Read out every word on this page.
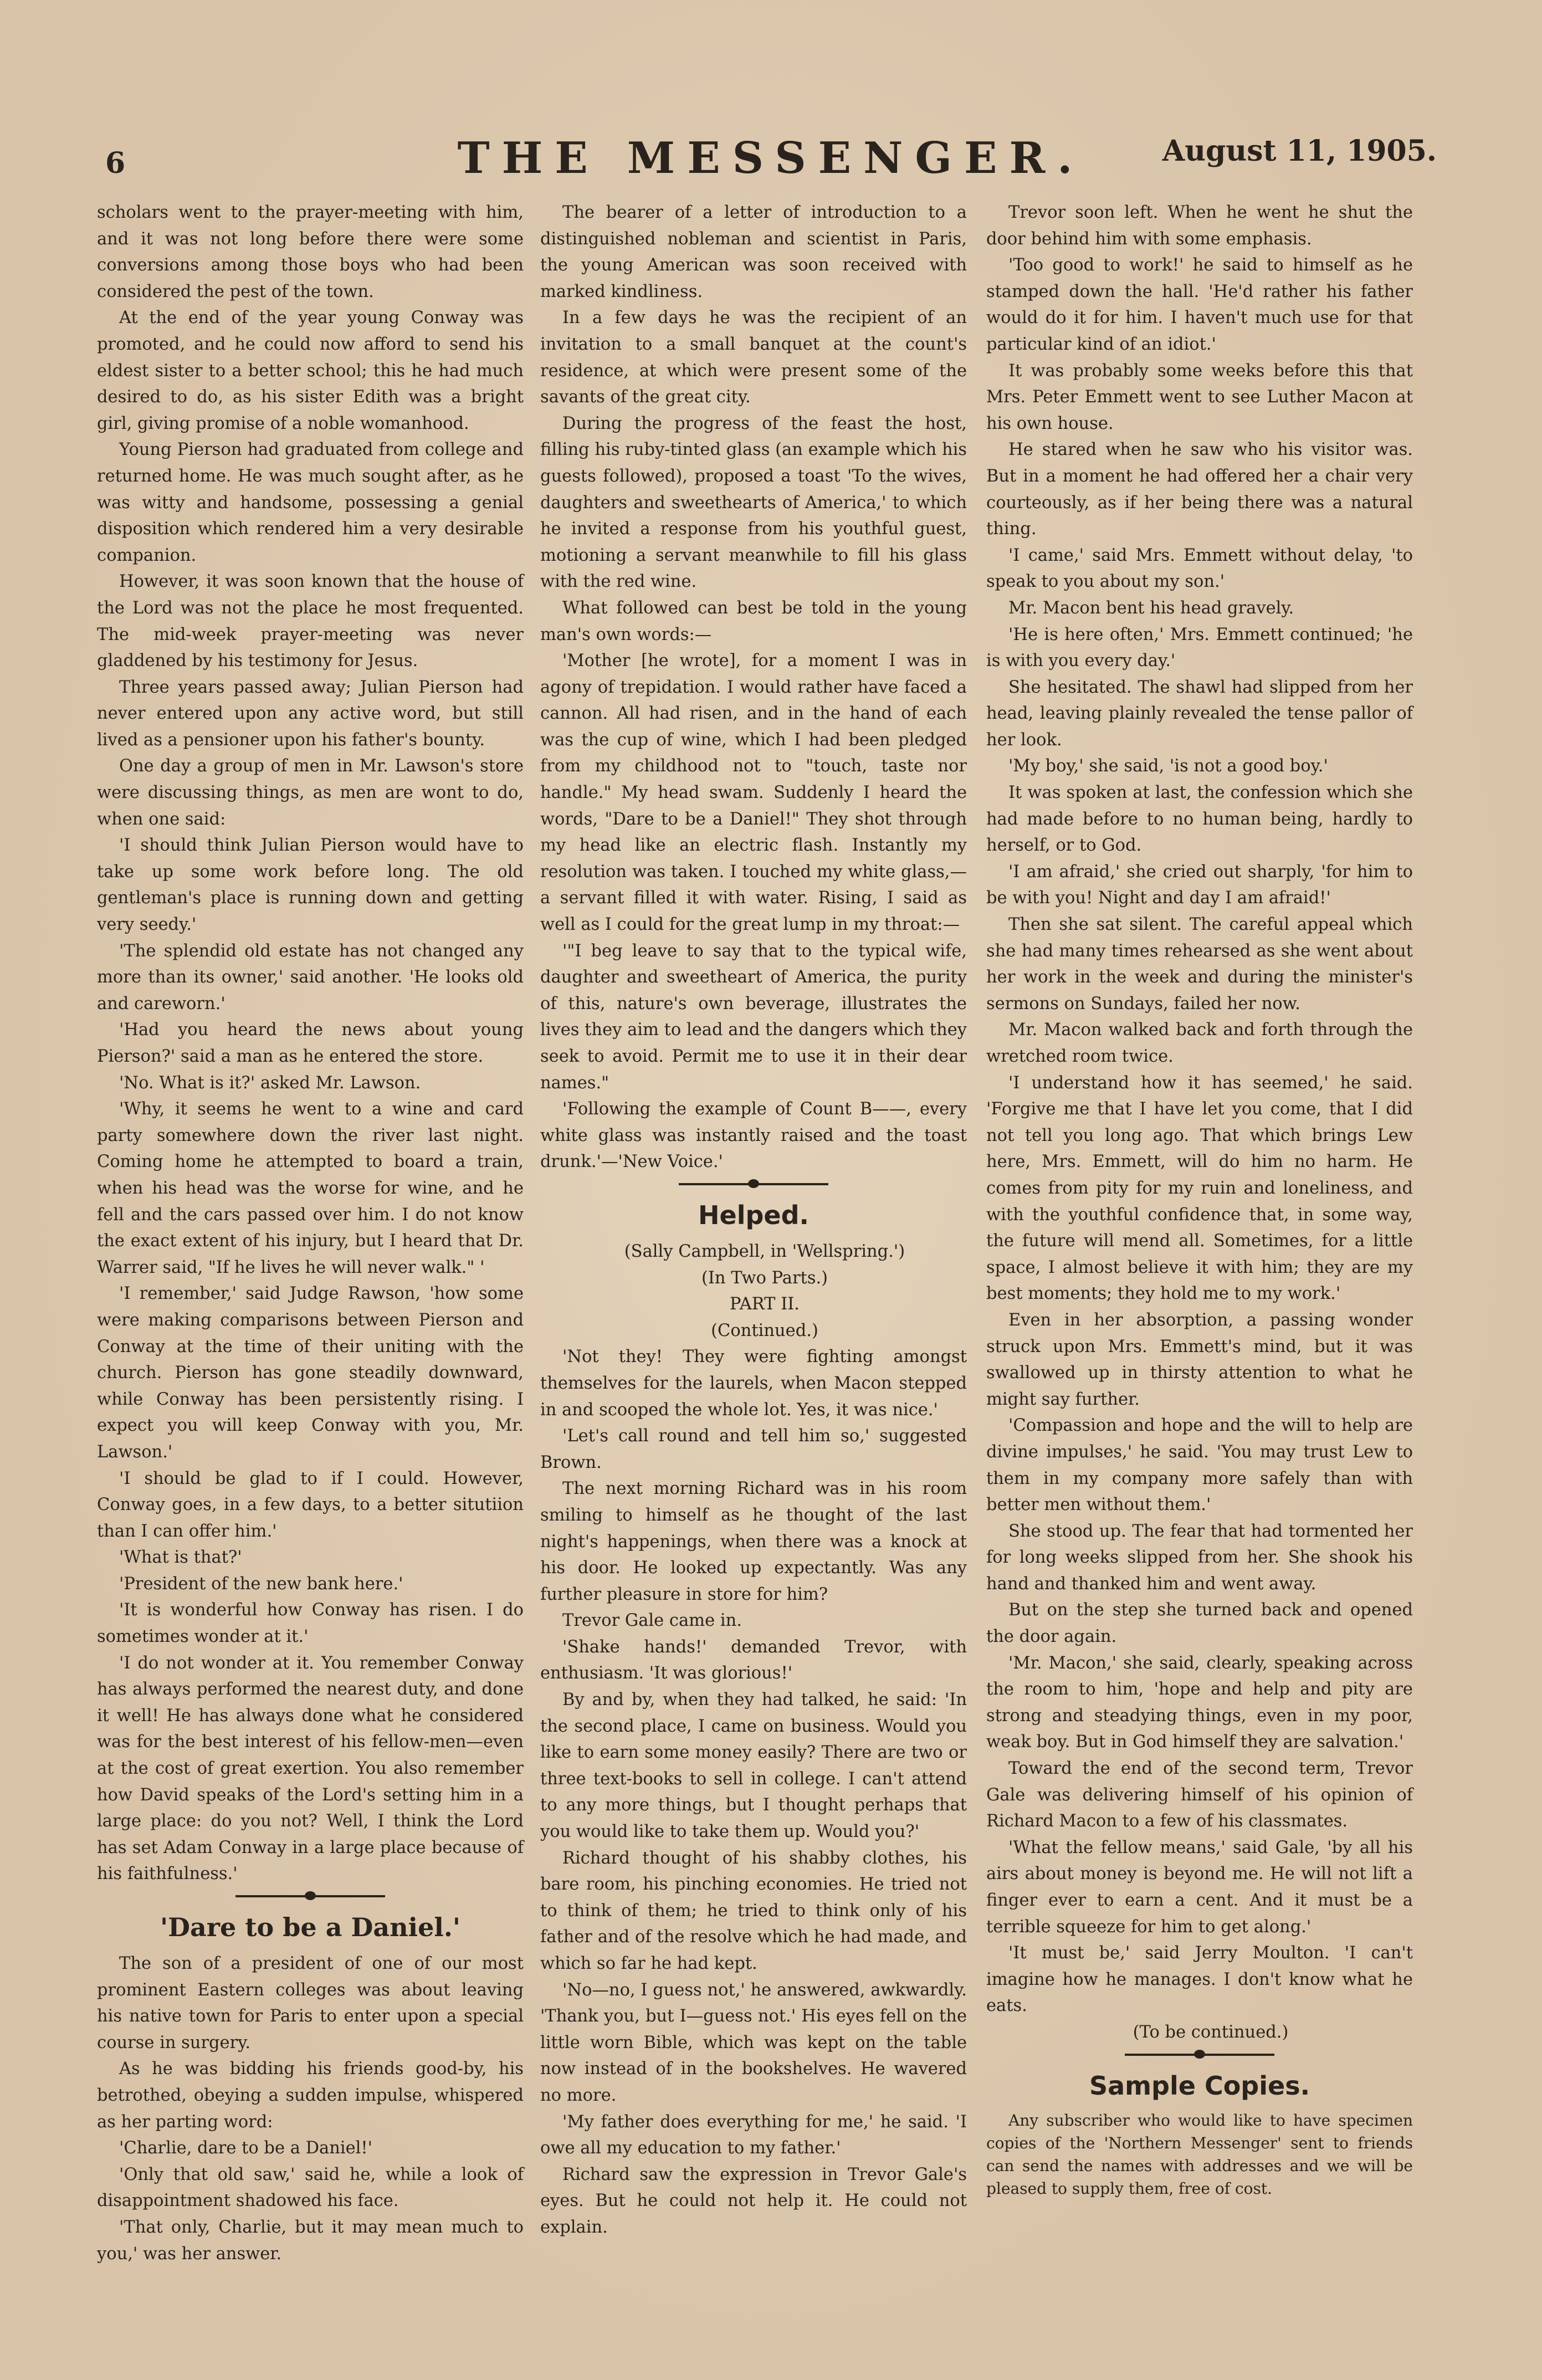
6	THE MESSENGER.	August 11, 1905.

scholars went to the prayer-meeting with him, and it was not long before there were some conversions among those boys who had been considered the pest of the town.

At the end of the year young Conway was promoted, and he could now afford to send his eldest sister to a better school; this he had much desired to do, as his sister Edith was a bright girl, giving promise of a noble womanhood.

Young Pierson had graduated from college and returned home. He was much sought after, as he was witty and handsome, possessing a genial disposition which rendered him a very desirable companion.

However, it was soon known that the house of the Lord was not the place he most frequented. The mid-week prayer-meeting was never gladdened by his testimony for Jesus.

Three years passed away; Julian Pierson had never entered upon any active word, but still lived as a pensioner upon his father's bounty.

One day a group of men in Mr. Lawson's store were discussing things, as men are wont to do, when one said:

'I should think Julian Pierson would have to take up some work before long. The old gentleman's place is running down and getting very seedy.'

'The splendid old estate has not changed any more than its owner,' said another. 'He looks old and careworn.'

'Had you heard the news about young Pierson?' said a man as he entered the store.

'No. What is it?' asked Mr. Lawson.

'Why, it seems he went to a wine and card party somewhere down the river last night. Coming home he attempted to board a train, when his head was the worse for wine, and he fell and the cars passed over him. I do not know the exact extent of his injury, but I heard that Dr. Warrer said, "If he lives he will never walk." '

'I remember,' said Judge Rawson, 'how some were making comparisons between Pierson and Conway at the time of their uniting with the church. Pierson has gone steadily downward, while Conway has been persistently rising. I expect you will keep Conway with you, Mr. Lawson.'

'I should be glad to if I could. However, Conway goes, in a few days, to a better situtiion than I can offer him.'

'What is that?'

'President of the new bank here.'

'It is wonderful how Conway has risen. I do sometimes wonder at it.'

'I do not wonder at it. You remember Conway has always performed the nearest duty, and done it well! He has always done what he considered was for the best interest of his fellow-men—even at the cost of great exertion. You also remember how David speaks of the Lord's setting him in a large place: do you not? Well, I think the Lord has set Adam Conway in a large place because of his faithfulness.'

'Dare to be a Daniel.'

The son of a president of one of our most prominent Eastern colleges was about leaving his native town for Paris to enter upon a special course in surgery.

As he was bidding his friends good-by, his betrothed, obeying a sudden impulse, whispered as her parting word:

'Charlie, dare to be a Daniel!'

'Only that old saw,' said he, while a look of disappointment shadowed his face.

'That only, Charlie, but it may mean much to you,' was her answer.

The bearer of a letter of introduction to a distinguished nobleman and scientist in Paris, the young American was soon received with marked kindliness.

In a few days he was the recipient of an invitation to a small banquet at the count's residence, at which were present some of the savants of the great city.

During the progress of the feast the host, filling his ruby-tinted glass (an example which his guests followed), proposed a toast 'To the wives, daughters and sweethearts of America,' to which he invited a response from his youthful guest, motioning a servant meanwhile to fill his glass with the red wine.

What followed can best be told in the young man's own words:—

'Mother [he wrote], for a moment I was in agony of trepidation. I would rather have faced a cannon. All had risen, and in the hand of each was the cup of wine, which I had been pledged from my childhood not to "touch, taste nor handle." My head swam. Suddenly I heard the words, "Dare to be a Daniel!" They shot through my head like an electric flash. Instantly my resolution was taken. I touched my white glass,— a servant filled it with water. Rising, I said as well as I could for the great lump in my throat:—

'"I beg leave to say that to the typical wife, daughter and sweetheart of America, the purity of this, nature's own beverage, illustrates the lives they aim to lead and the dangers which they seek to avoid. Permit me to use it in their dear names."

'Following the example of Count B——, every white glass was instantly raised and the toast drunk.'—'New Voice.'

Helped.

(Sally Campbell, in 'Wellspring.')

(In Two Parts.)

PART II.

(Continued.)

'Not they! They were fighting amongst themselves for the laurels, when Macon stepped in and scooped the whole lot. Yes, it was nice.'

'Let's call round and tell him so,' suggested Brown.

The next morning Richard was in his room smiling to himself as he thought of the last night's happenings, when there was a knock at his door. He looked up expectantly. Was any further pleasure in store for him?

Trevor Gale came in.

'Shake hands!' demanded Trevor, with enthusiasm. 'It was glorious!'

By and by, when they had talked, he said: 'In the second place, I came on business. Would you like to earn some money easily? There are two or three text-books to sell in college. I can't attend to any more things, but I thought perhaps that you would like to take them up. Would you?'

Richard thought of his shabby clothes, his bare room, his pinching economies. He tried not to think of them; he tried to think only of his father and of the resolve which he had made, and which so far he had kept.

'No—no, I guess not,' he answered, awkwardly. 'Thank you, but I—guess not.' His eyes fell on the little worn Bible, which was kept on the table now instead of in the bookshelves. He wavered no more.

'My father does everything for me,' he said. 'I owe all my education to my father.'

Richard saw the expression in Trevor Gale's eyes. But he could not help it. He could not explain.

Trevor soon left. When he went he shut the door behind him with some emphasis.

'Too good to work!' he said to himself as he stamped down the hall. 'He'd rather his father would do it for him. I haven't much use for that particular kind of an idiot.'

It was probably some weeks before this that Mrs. Peter Emmett went to see Luther Macon at his own house.

He stared when he saw who his visitor was. But in a moment he had offered her a chair very courteously, as if her being there was a natural thing.

'I came,' said Mrs. Emmett without delay, 'to speak to you about my son.'

Mr. Macon bent his head gravely.

'He is here often,' Mrs. Emmett continued; 'he is with you every day.'

She hesitated. The shawl had slipped from her head, leaving plainly revealed the tense pallor of her look.

'My boy,' she said, 'is not a good boy.'

It was spoken at last, the confession which she had made before to no human being, hardly to herself, or to God.

'I am afraid,' she cried out sharply, 'for him to be with you! Night and day I am afraid!'

Then she sat silent. The careful appeal which she had many times rehearsed as she went about her work in the week and during the minister's sermons on Sundays, failed her now.

Mr. Macon walked back and forth through the wretched room twice.

'I understand how it has seemed,' he said. 'Forgive me that I have let you come, that I did not tell you long ago. That which brings Lew here, Mrs. Emmett, will do him no harm. He comes from pity for my ruin and loneliness, and with the youthful confidence that, in some way, the future will mend all. Sometimes, for a little space, I almost believe it with him; they are my best moments; they hold me to my work.'

Even in her absorption, a passing wonder struck upon Mrs. Emmett's mind, but it was swallowed up in thirsty attention to what he might say further.

'Compassion and hope and the will to help are divine impulses,' he said. 'You may trust Lew to them in my company more safely than with better men without them.'

She stood up. The fear that had tormented her for long weeks slipped from her. She shook his hand and thanked him and went away.

But on the step she turned back and opened the door again.

'Mr. Macon,' she said, clearly, speaking across the room to him, 'hope and help and pity are strong and steadying things, even in my poor, weak boy. But in God himself they are salvation.'

Toward the end of the second term, Trevor Gale was delivering himself of his opinion of Richard Macon to a few of his classmates.

'What the fellow means,' said Gale, 'by all his airs about money is beyond me. He will not lift a finger ever to earn a cent. And it must be a terrible squeeze for him to get along.'

'It must be,' said Jerry Moulton. 'I can't imagine how he manages. I don't know what he eats.

(To be continued.)

Sample Copies.

Any subscriber who would like to have specimen copies of the 'Northern Messenger' sent to friends can send the names with addresses and we will be pleased to supply them, free of cost.
